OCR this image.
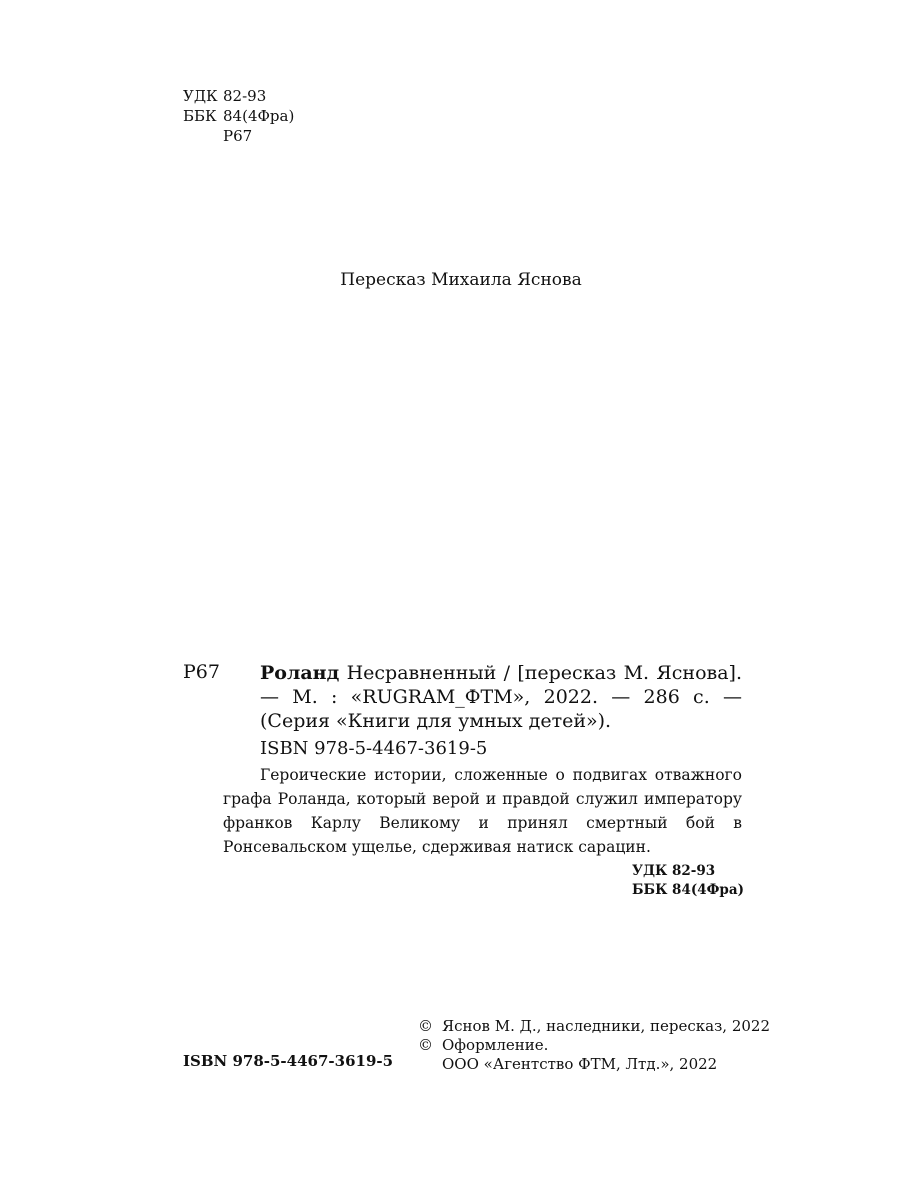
УДК 82-93
ББК 84(4Фра)
Р67
Пересказ Михаила Яснова
Р67 Роланд Несравненный / [пересказ М. Яснова]. — М. : «RUGRAM_ФТМ», 2022. — 286 с. — (Серия «Книги для умных детей»).
ISBN 978-5-4467-3619-5

Героические истории, сложенные о подвигах отважного графа Роланда, который верой и правдой служил императору франков Карлу Великому и принял смертный бой в Ронсевальском ущелье, сдерживая натиск сарацин.

УДК 82-93
ББК 84(4Фра)
ISBN 978-5-4467-3619-5
© Яснов М. Д., наследники, пересказ, 2022
© Оформление.
ООО «Агентство ФТМ, Лтд.», 2022
